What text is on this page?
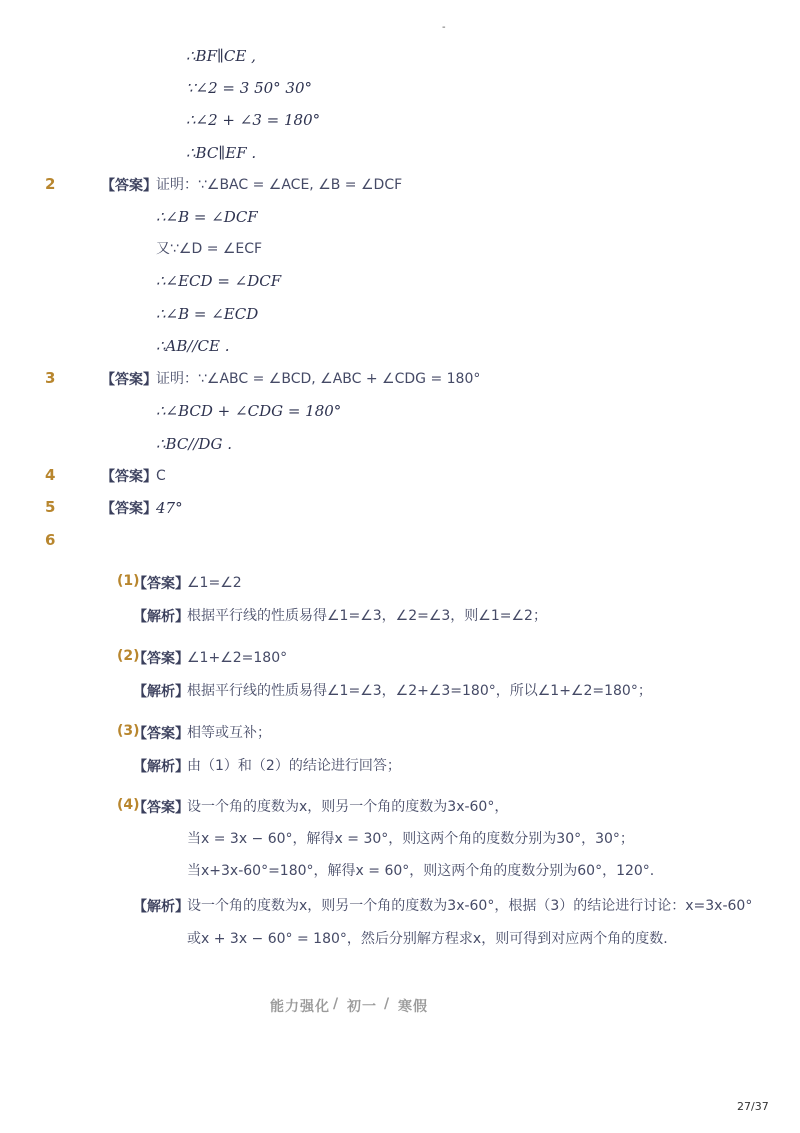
-
∴BF∥CE ,
∵∠2 = 3 50° 30°
∴∠2 + ∠3 = 180°
∴BC∥EF .
2	【答案】 证明：∵∠BAC = ∠ACE, ∠B = ∠DCF
∴∠B = ∠DCF
又∵∠D = ∠ECF
∴∠ECD = ∠DCF
∴∠B = ∠ECD
∴AB//CE .
3	【答案】 证明：∵∠ABC = ∠BCD, ∠ABC + ∠CDG = 180°
∴∠BCD + ∠CDG = 180°
∴BC//DG .
4	【答案】 C
5	【答案】 47°
6
(1)
【答案】
∠1=∠2
【解析】
根据平行线的性质易得∠1=∠3，∠2=∠3，则∠1=∠2；
(2)
【答案】
∠1+∠2=180°
【解析】
根据平行线的性质易得∠1=∠3，∠2+∠3=180°，所以∠1+∠2=180°；
(3)
【答案】
相等或互补；
【解析】
由（1）和（2）的结论进行回答；
(4)
【答案】
设一个角的度数为x，则另一个角的度数为3x-60°，
当x = 3x − 60°，解得x = 30°，则这两个角的度数分别为30°，30°；
当x+3x-60°=180°，解得x = 60°，则这两个角的度数分别为60°，120°.
【解析】
设一个角的度数为x，则另一个角的度数为3x-60°，根据（3）的结论进行讨论：x=3x-60°
或x + 3x − 60° = 180°，然后分别解方程求x，则可得到对应两个角的度数.
能力强化 / 初一 / 寒假
27/37
